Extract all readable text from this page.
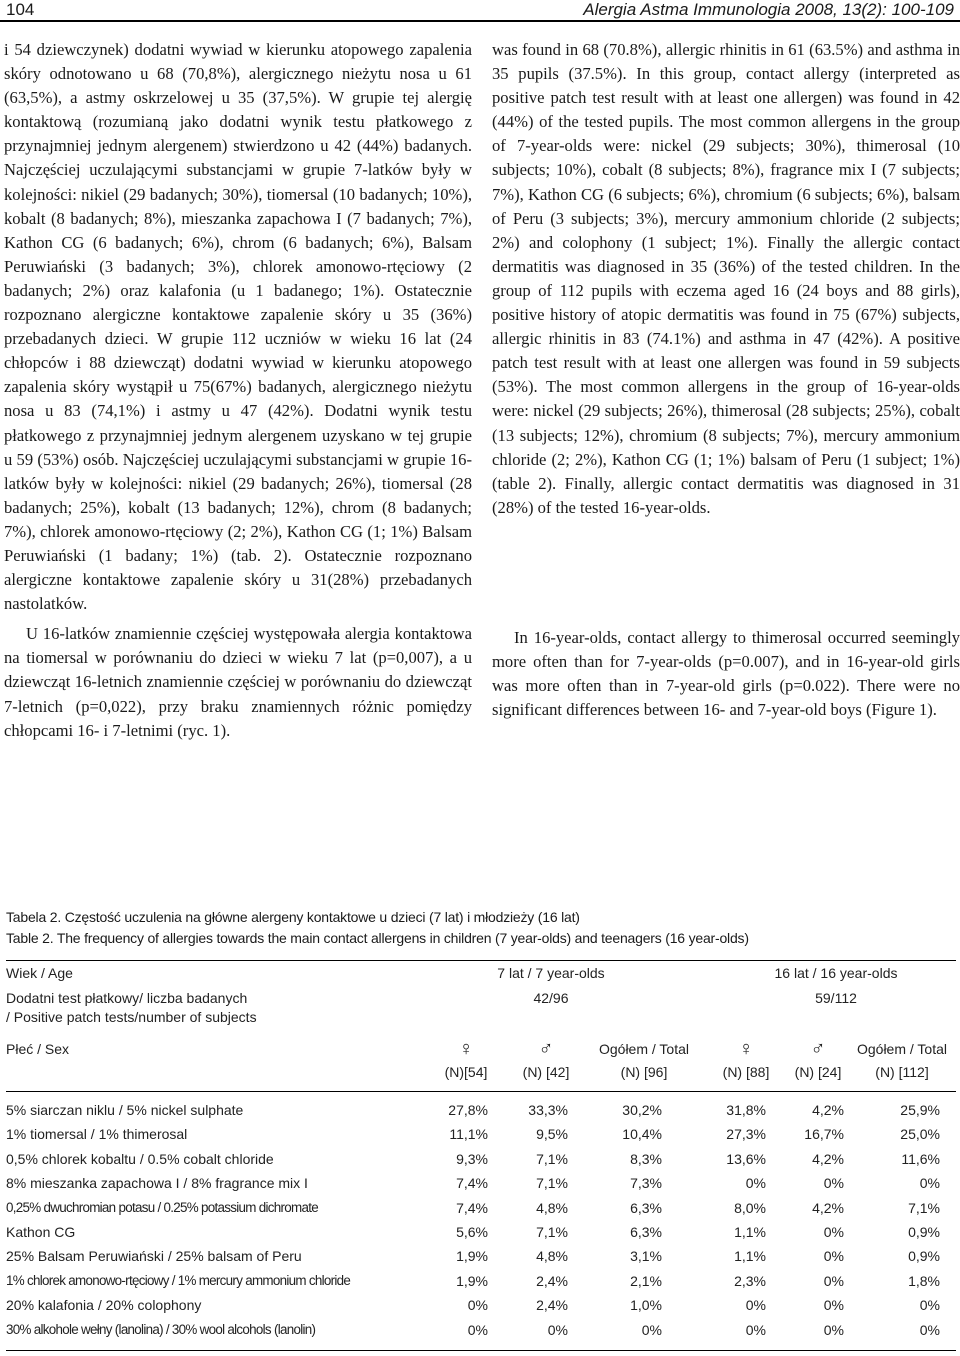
104	Alergia Astma Immunologia 2008, 13(2): 100-109

i 54 dziewczynek) dodatni wywiad w kierunku atopowego zapalenia skóry odnotowano u 68 (70,8%), alergicznego nieżytu nosa u 61 (63,5%), a astmy oskrzelowej u 35 (37,5%). W grupie tej alergię kontaktową (rozumianą jako dodatni wynik testu płatkowego z przynajmniej jednym alergenem) stwierdzono u 42 (44%) badanych. Najczęściej uczulającymi substancjami w grupie 7-latków były w kolejności: nikiel (29 badanych; 30%), tiomersal (10 badanych; 10%), kobalt (8 badanych; 8%), mieszanka zapachowa I (7 badanych; 7%), Kathon CG (6 badanych; 6%), chrom (6 badanych; 6%), Balsam Peruwiański (3 badanych; 3%), chlorek amonowo-rtęciowy (2 badanych; 2%) oraz kalafonia (u 1 badanego; 1%). Ostatecznie rozpoznano alergiczne kontaktowe zapalenie skóry u 35 (36%) przebadanych dzieci. W grupie 112 uczniów w wieku 16 lat (24 chłopców i 88 dziewcząt) dodatni wywiad w kierunku atopowego zapalenia skóry wystąpił u 75(67%) badanych, alergicznego nieżytu nosa u 83 (74,1%) i astmy u 47 (42%). Dodatni wynik testu płatkowego z przynajmniej jednym alergenem uzyskano w tej grupie u 59 (53%) osób. Najczęściej uczulającymi substancjami w grupie 16-latków były w kolejności: nikiel (29 badanych; 26%), tiomersal (28 badanych; 25%), kobalt (13 badanych; 12%), chrom (8 badanych; 7%), chlorek amonowo-rtęciowy (2; 2%), Kathon CG (1; 1%) Balsam Peruwiański (1 badany; 1%) (tab. 2). Ostatecznie rozpoznano alergiczne kontaktowe zapalenie skóry u 31(28%) przebadanych nastolatków.

U 16-latków znamiennie częściej występowała alergia kontaktowa na tiomersal w porównaniu do dzieci w wieku 7 lat (p=0,007), a u dziewcząt 16-letnich znamiennie częściej w porównaniu do dziewcząt 7-letnich (p=0,022), przy braku znamiennych różnic pomiędzy chłopcami 16- i 7-letnimi (ryc. 1).

was found in 68 (70.8%), allergic rhinitis in 61 (63.5%) and asthma in 35 pupils (37.5%). In this group, contact allergy (interpreted as positive patch test result with at least one allergen) was found in 42 (44%) of the tested pupils. The most common allergens in the group of 7-year-olds were: nickel (29 subjects; 30%), thimerosal (10 subjects; 10%), cobalt (8 subjects; 8%), fragrance mix I (7 subjects; 7%), Kathon CG (6 subjects; 6%), chromium (6 subjects; 6%), balsam of Peru (3 subjects; 3%), mercury ammonium chloride (2 subjects; 2%) and colophony (1 subject; 1%). Finally the allergic contact dermatitis was diagnosed in 35 (36%) of the tested children. In the group of 112 pupils with eczema aged 16 (24 boys and 88 girls), positive history of atopic dermatitis was found in 75 (67%) subjects, allergic rhinitis in 83 (74.1%) and asthma in 47 (42%). A positive patch test result with at least one allergen was found in 59 subjects (53%). The most common allergens in the group of 16-year-olds were: nickel (29 subjects; 26%), thimerosal (28 subjects; 25%), cobalt (13 subjects; 12%), chromium (8 subjects; 7%), mercury ammonium chloride (2; 2%), Kathon CG (1; 1%) balsam of Peru (1 subject; 1%) (table 2). Finally, allergic contact dermatitis was diagnosed in 31 (28%) of the tested 16-year-olds.

In 16-year-olds, contact allergy to thimerosal occurred seemingly more often than for 7-year-olds (p=0.007), and in 16-year-old girls was more often than in 7-year-old girls (p=0.022). There were no significant differences between 16- and 7-year-old boys (Figure 1).

Tabela 2. Częstość uczulenia na główne alergeny kontaktowe u dzieci (7 lat) i młodzieży (16 lat)
Table 2. The frequency of allergies towards the main contact allergens in children (7 year-olds) and teenagers (16 year-olds)
Wiek / Age	7 lat / 7 year-olds	16 lat / 16 year-olds
Dodatni test płatkowy/ liczba badanych
/ Positive patch tests/number of subjects
42/96	59/112
Płeć / Sex	♀	♂	Ogółem / Total	♀	♂	Ogółem / Total
(N)[54]	(N) [42]	(N) [96]	(N) [88]	(N) [24]	(N) [112]
5% siarczan niklu / 5% nickel sulphate	27,8%	33,3%	30,2%	31,8%	4,2%	25,9%
1% tiomersal / 1% thimerosal	11,1%	9,5%	10,4%	27,3%	16,7%	25,0%
0,5% chlorek kobaltu / 0.5% cobalt chloride	9,3%	7,1%	8,3%	13,6%	4,2%	11,6%
8% mieszanka zapachowa I / 8% fragrance mix I	7,4%	7,1%	7,3%	0%	0%	0%
0,25% dwuchromian potasu / 0.25% potassium dichromate	7,4%	4,8%	6,3%	8,0%	4,2%	7,1%
Kathon CG	5,6%	7,1%	6,3%	1,1%	0%	0,9%
25% Balsam Peruwiański / 25% balsam of Peru	1,9%	4,8%	3,1%	1,1%	0%	0,9%
1% chlorek amonowo-rtęciowy / 1% mercury ammonium chloride	1,9%	2,4%	2,1%	2,3%	0%	1,8%
20% kalafonia / 20% colophony	0%	2,4%	1,0%	0%	0%	0%
30% alkohole wełny (lanolina) / 30% wool alcohols (lanolin)	0%	0%	0%	0%	0%	0%
